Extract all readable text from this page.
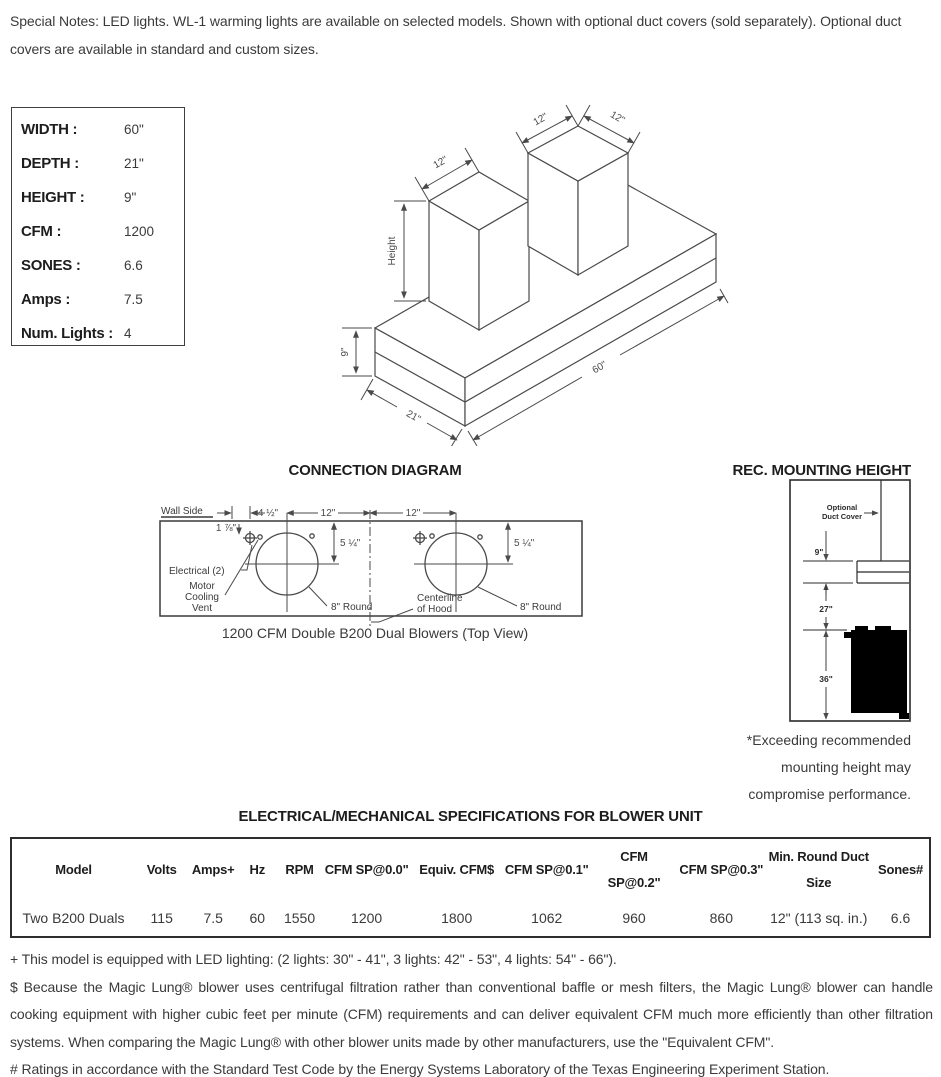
Special Notes: LED lights. WL-1 warming lights are available on selected models. Shown with optional duct covers (sold separately). Optional duct covers are available in standard and custom sizes.
WIDTH :	60"
DEPTH :	21"
HEIGHT :	9"
CFM :	1200
SONES :	6.6
Amps :	7.5
Num. Lights : 4
12"
12"	12"
Height
9"
21"
60"
CONNECTION DIAGRAM
Wall Side
1 ⅞"
4 ½"	12"	12"
5 ¼"	5 ¼"
Electrical (2)
Motor
Cooling
Vent	8" Round	8" Round
Centerline
of Hood
1200 CFM Double B200 Dual Blowers (Top View)
REC. MOUNTING HEIGHT
Optional
Duct Cover
9"
27"
36"
*Exceeding recommended
mounting height may
compromise performance.
ELECTRICAL/MECHANICAL SPECIFICATIONS FOR BLOWER UNIT
Model	Volts	Amps+	Hz	RPM	CFM SP@0.0"	Equiv. CFM$	CFM SP@0.1"	CFM SP@0.2"	CFM SP@0.3"	Min. Round Duct Size	Sones#
Two B200 Duals	115	7.5	60	1550	1200	1800	1062	960	860	12" (113 sq. in.)	6.6

+ This model is equipped with LED lighting: (2 lights: 30" - 41", 3 lights: 42" - 53", 4 lights: 54" - 66").

$ Because the Magic Lung® blower uses centrifugal filtration rather than conventional baffle or mesh filters, the Magic Lung® blower can handle cooking equipment with higher cubic feet per minute (CFM) requirements and can deliver equivalent CFM much more efficiently than other filtration systems. When comparing the Magic Lung® with other blower units made by other manufacturers, use the "Equivalent CFM".

# Ratings in accordance with the Standard Test Code by the Energy Systems Laboratory of the Texas Engineering Experiment Station.
